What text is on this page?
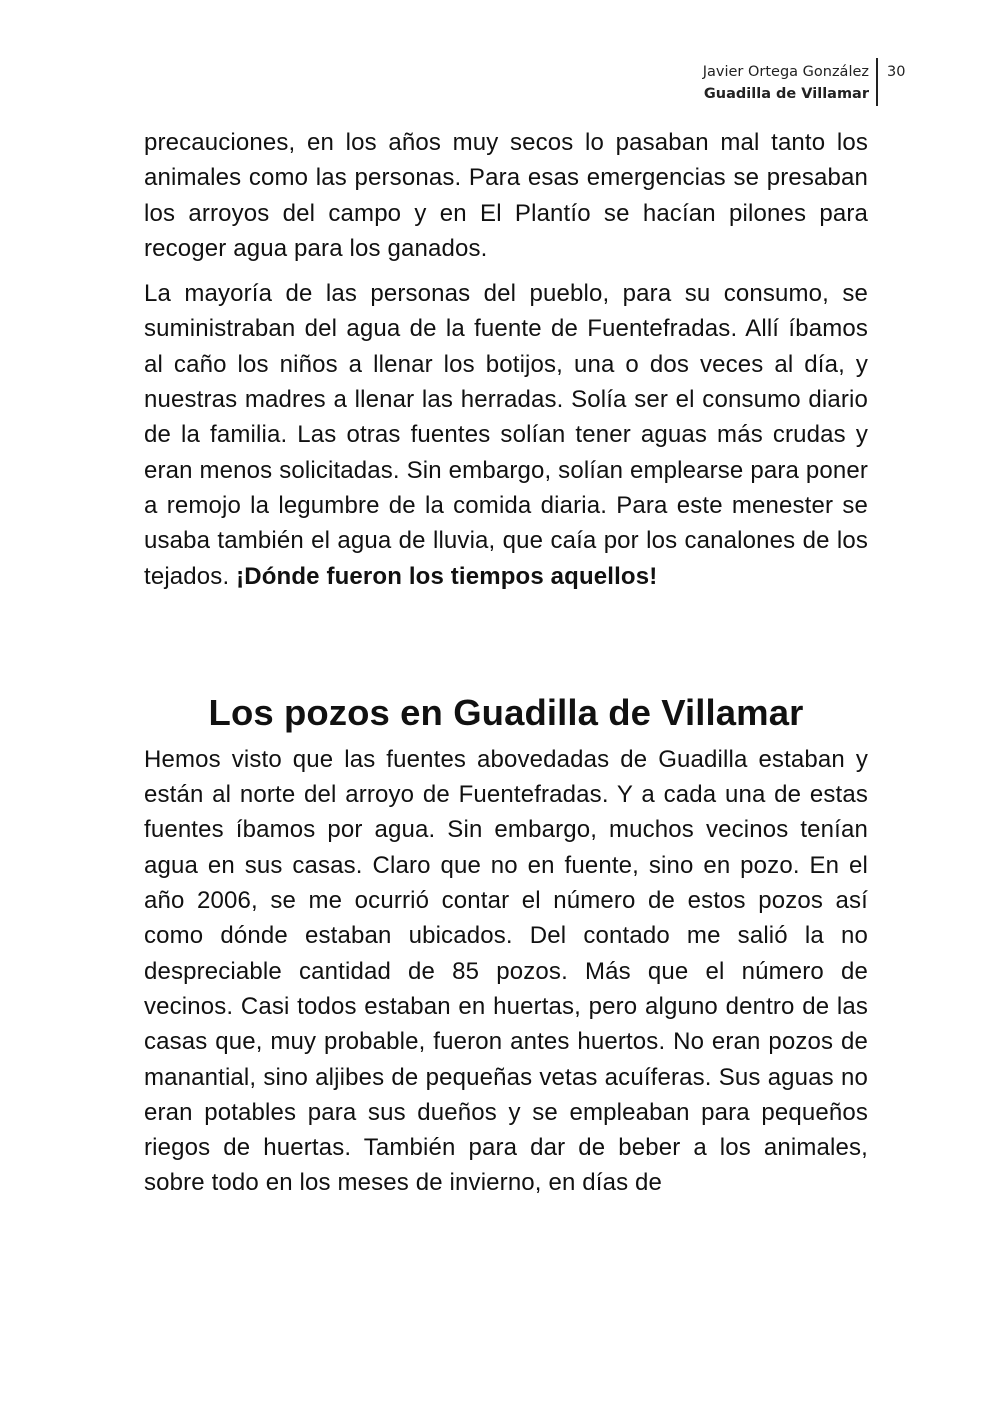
Javier Ortega González
Guadilla de Villamar
30

precauciones, en los años muy secos lo pasaban mal tanto los animales como las personas. Para esas emergencias se presaban los arroyos del campo y en El Plantío se hacían pilones para recoger agua para los ganados.

La mayoría de las personas del pueblo, para su consumo, se suministraban del agua de la fuente de Fuentefradas. Allí íbamos al caño los niños a llenar los botijos, una o dos veces al día, y nuestras madres a llenar las herradas. Solía ser el consumo diario de la familia. Las otras fuentes solían tener aguas más crudas y eran menos solicitadas. Sin embargo, solían emplearse para poner a remojo la legumbre de la comida diaria. Para este menester se usaba también el agua de lluvia, que caía por los canalones de los tejados. ¡Dónde fueron los tiempos aquellos!

Los pozos en Guadilla de Villamar

Hemos visto que las fuentes abovedadas de Guadilla estaban y están al norte del arroyo de Fuentefradas. Y a cada una de estas fuentes íbamos por agua. Sin embargo, muchos vecinos tenían agua en sus casas. Claro que no en fuente, sino en pozo. En el año 2006, se me ocurrió contar el número de estos pozos así como dónde estaban ubicados. Del contado me salió la no despreciable cantidad de 85 pozos. Más que el número de vecinos. Casi todos estaban en huertas, pero alguno dentro de las casas que, muy probable, fueron antes huertos. No eran pozos de manantial, sino aljibes de pequeñas vetas acuíferas. Sus aguas no eran potables para sus dueños y se empleaban para pequeños riegos de huertas. También para dar de beber a los animales, sobre todo en los meses de invierno, en días de
